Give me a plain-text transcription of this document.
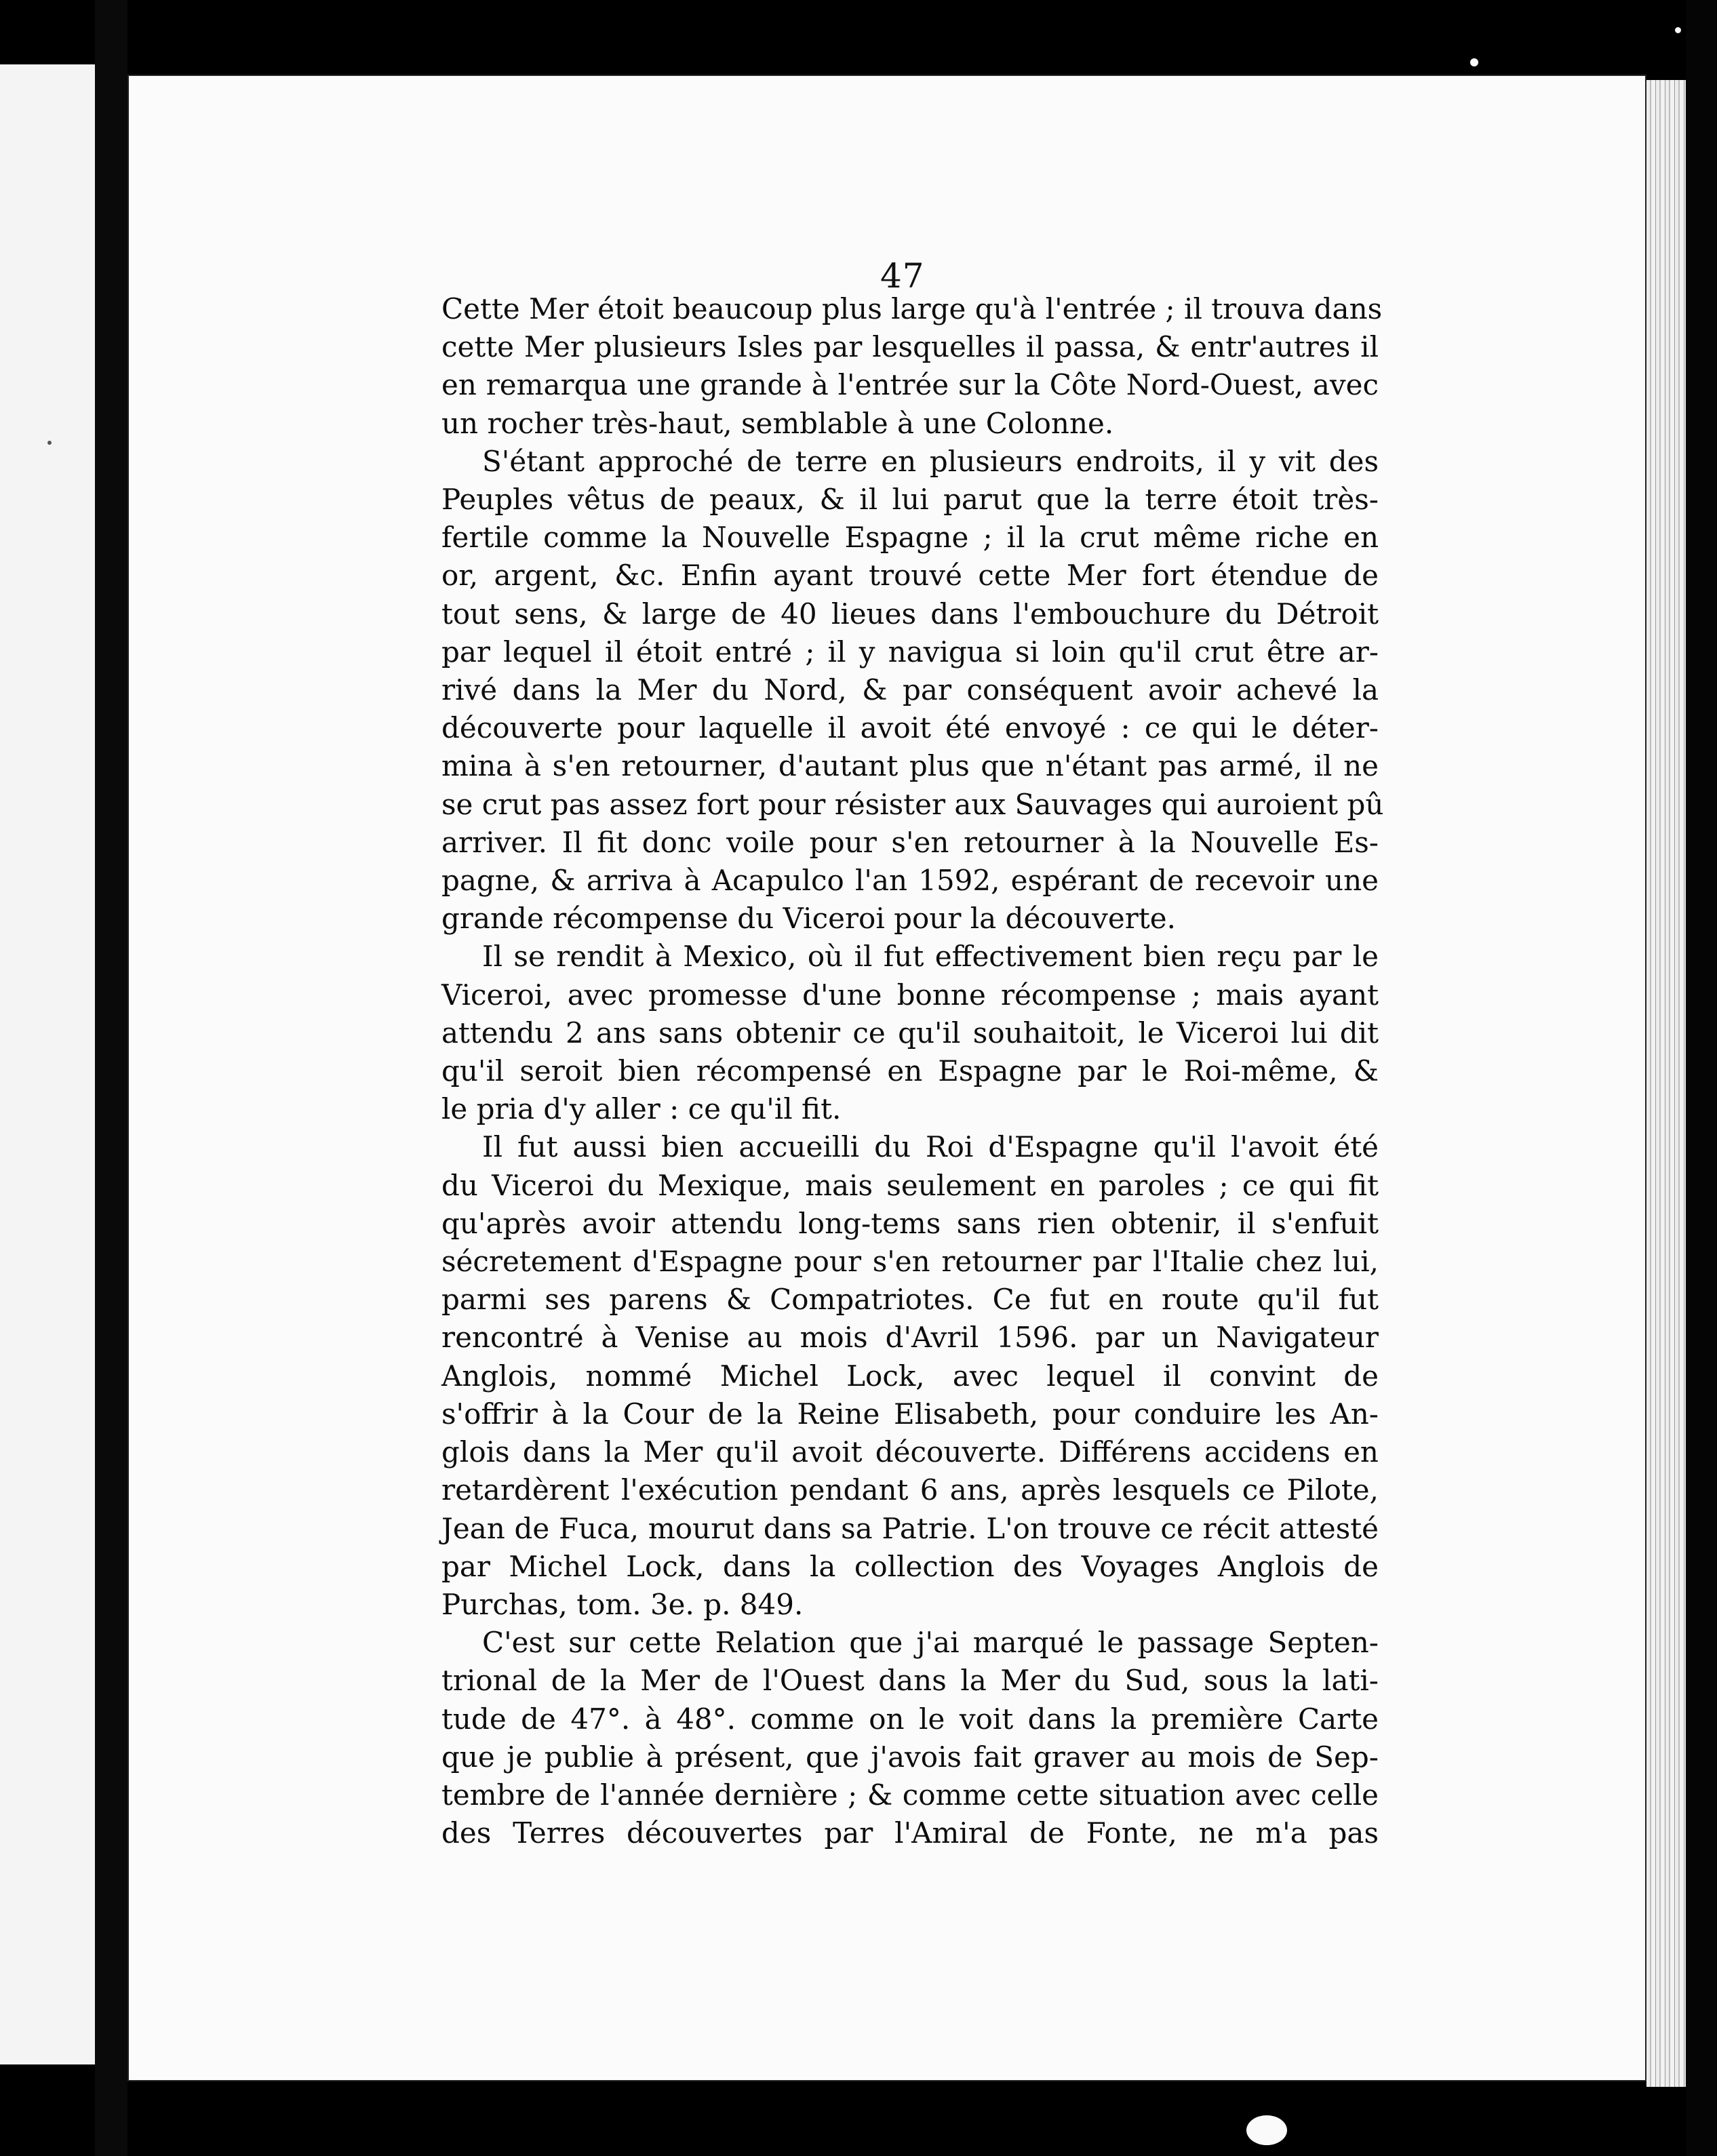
47
Cette Mer étoit beaucoup plus large qu'à l'entrée ; il trouva dans
cette Mer plusieurs Isles par lesquelles il passa, & entr'autres il
en remarqua une grande à l'entrée sur la Côte Nord-Ouest, avec
un rocher très-haut, semblable à une Colonne.
S'étant approché de terre en plusieurs endroits, il y vit des
Peuples vêtus de peaux, & il lui parut que la terre étoit très-
fertile comme la Nouvelle Espagne ; il la crut même riche en
or, argent, &c. Enfin ayant trouvé cette Mer fort étendue de
tout sens, & large de 40 lieues dans l'embouchure du Détroit
par lequel il étoit entré ; il y navigua si loin qu'il crut être ar-
rivé dans la Mer du Nord, & par conséquent avoir achevé la
découverte pour laquelle il avoit été envoyé : ce qui le déter-
mina à s'en retourner, d'autant plus que n'étant pas armé, il ne
se crut pas assez fort pour résister aux Sauvages qui auroient pû
arriver. Il fit donc voile pour s'en retourner à la Nouvelle Es-
pagne, & arriva à Acapulco l'an 1592, espérant de recevoir une
grande récompense du Viceroi pour la découverte.
Il se rendit à Mexico, où il fut effectivement bien reçu par le
Viceroi, avec promesse d'une bonne récompense ; mais ayant
attendu 2 ans sans obtenir ce qu'il souhaitoit, le Viceroi lui dit
qu'il seroit bien récompensé en Espagne par le Roi-même, &
le pria d'y aller : ce qu'il fit.
Il fut aussi bien accueilli du Roi d'Espagne qu'il l'avoit été
du Viceroi du Mexique, mais seulement en paroles ; ce qui fit
qu'après avoir attendu long-tems sans rien obtenir, il s'enfuit
sécretement d'Espagne pour s'en retourner par l'Italie chez lui,
parmi ses parens & Compatriotes. Ce fut en route qu'il fut
rencontré à Venise au mois d'Avril 1596. par un Navigateur
Anglois, nommé Michel Lock, avec lequel il convint de
s'offrir à la Cour de la Reine Elisabeth, pour conduire les An-
glois dans la Mer qu'il avoit découverte. Différens accidens en
retardèrent l'exécution pendant 6 ans, après lesquels ce Pilote,
Jean de Fuca, mourut dans sa Patrie. L'on trouve ce récit attesté
par Michel Lock, dans la collection des Voyages Anglois de
Purchas, tom. 3e. p. 849.
C'est sur cette Relation que j'ai marqué le passage Septen-
trional de la Mer de l'Ouest dans la Mer du Sud, sous la lati-
tude de 47°. à 48°. comme on le voit dans la première Carte
que je publie à présent, que j'avois fait graver au mois de Sep-
tembre de l'année dernière ; & comme cette situation avec celle
des Terres découvertes par l'Amiral de Fonte, ne m'a pas
